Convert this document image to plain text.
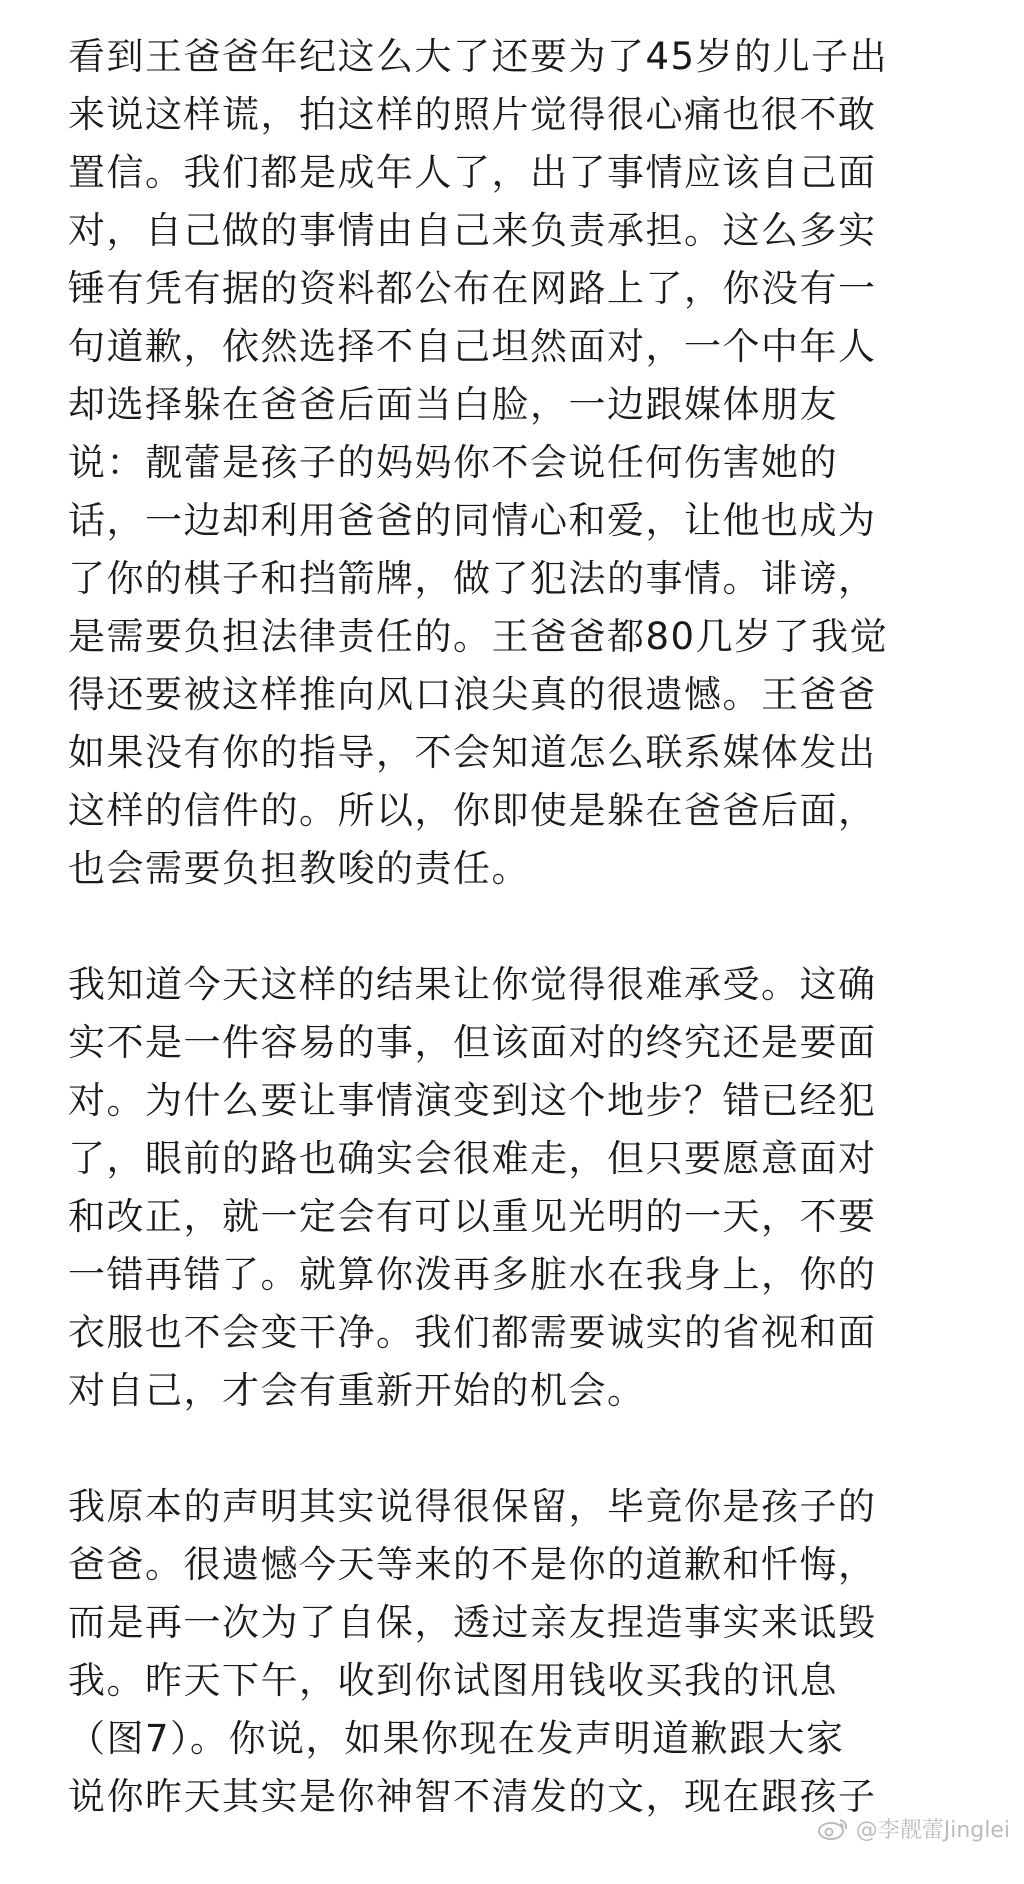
看到王爸爸年纪这么大了还要为了45岁的儿子出
来说这样谎，拍这样的照片觉得很心痛也很不敢
置信。我们都是成年人了，出了事情应该自己面
对，自己做的事情由自己来负责承担。这么多实
锤有凭有据的资料都公布在网路上了，你没有一
句道歉，依然选择不自己坦然面对，一个中年人
却选择躲在爸爸后面当白脸，一边跟媒体朋友
说：靓蕾是孩子的妈妈你不会说任何伤害她的
话，一边却利用爸爸的同情心和爱，让他也成为
了你的棋子和挡箭牌，做了犯法的事情。诽谤，
是需要负担法律责任的。王爸爸都80几岁了我觉
得还要被这样推向风口浪尖真的很遗憾。王爸爸
如果没有你的指导，不会知道怎么联系媒体发出
这样的信件的。所以，你即使是躲在爸爸后面，
也会需要负担教唆的责任。
我知道今天这样的结果让你觉得很难承受。这确
实不是一件容易的事，但该面对的终究还是要面
对。为什么要让事情演变到这个地步？错已经犯
了，眼前的路也确实会很难走，但只要愿意面对
和改正，就一定会有可以重见光明的一天，不要
一错再错了。就算你泼再多脏水在我身上，你的
衣服也不会变干净。我们都需要诚实的省视和面
对自己，才会有重新开始的机会。
我原本的声明其实说得很保留，毕竟你是孩子的
爸爸。很遗憾今天等来的不是你的道歉和忏悔，
而是再一次为了自保，透过亲友捏造事实来诋毁
我。昨天下午，收到你试图用钱收买我的讯息
（图7）。你说，如果你现在发声明道歉跟大家
说你昨天其实是你神智不清发的文，现在跟孩子
@李靓蕾Jinglei
